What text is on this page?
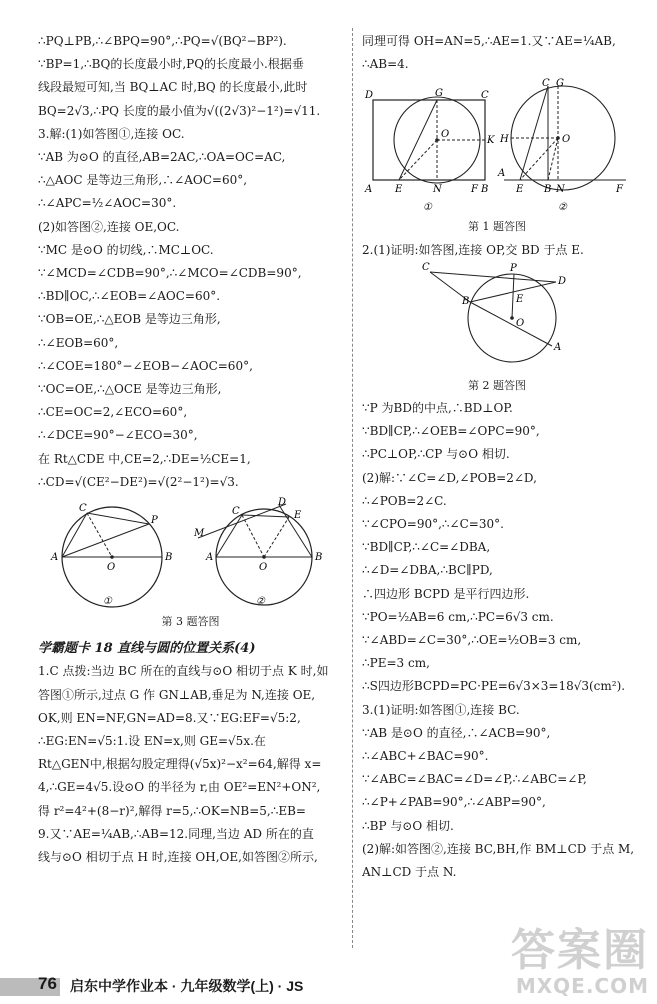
∴PQ⊥PB,∴∠BPQ=90°,∴PQ=√(BQ²−BP²).
∵BP=1,∴BQ的长度最小时,PQ的长度最小.根据垂
线段最短可知,当 BQ⊥AC 时,BQ 的长度最小,此时
BQ=2√3,∴PQ 长度的最小值为√((2√3)²−1²)=√11.
3.解:(1)如答图①,连接 OC.
∵AB 为⊙O 的直径,AB=2AC,∴OA=OC=AC,
∴△AOC 是等边三角形,∴∠AOC=60°,
∴∠APC=½∠AOC=30°.
(2)如答图②,连接 OE,OC.
∵MC 是⊙O 的切线,∴MC⊥OC.
∵∠MCD=∠CDB=90°,∴∠MCO=∠CDB=90°,
∴BD∥OC,∴∠EOB=∠AOC=60°.
∵OB=OE,∴△EOB 是等边三角形,
∴∠EOB=60°,
∴∠COE=180°−∠EOB−∠AOC=60°,
∵OC=OE,∴△OCE 是等边三角形,
∴CE=OC=2,∠ECO=60°,
∴∠DCE=90°−∠ECO=30°,
在 Rt△CDE 中,CE=2,∴DE=½CE=1,
∴CD=√(CE²−DE²)=√(2²−1²)=√3.
A	B
C
P
O
①
M
C
D
E
A	B
O
②
第 3 题答图
学霸题卡 18 直线与圆的位置关系(4)
1.C 点拨:当边 BC 所在的直线与⊙O 相切于点 K 时,如
答图①所示,过点 G 作 GN⊥AB,垂足为 N,连接 OE,
OK,则 EN=NF,GN=AD=8.又∵EG:EF=√5:2,
∴EG:EN=√5:1.设 EN=x,则 GE=√5x.在
Rt△GEN中,根据勾股定理得(√5x)²−x²=64,解得 x=
4,∴GE=4√5.设⊙O 的半径为 r,由 OE²=EN²+ON²,
得 r²=4²+(8−r)²,解得 r=5,∴OK=NB=5,∴EB=
9.又∵AE=¼AB,∴AB=12.同理,当边 AD 所在的直
线与⊙O 相切于点 H 时,连接 OH,OE,如答图②所示,
同理可得 OH=AN=5,∴AE=1.又∵AE=¼AB,
∴AB=4.
D	G	C
A E	N	F B
K
O
①
C G
H	O
A
E B N	F
②
第 1 题答图
2.(1)证明:如答图,连接 OP,交 BD 于点 E.
C	P
D
B	E
O
A
第 2 题答图
∵P 为BD的中点,∴BD⊥OP.
∵BD∥CP,∴∠OEB=∠OPC=90°,
∴PC⊥OP,∴CP 与⊙O 相切.
(2)解:∵∠C=∠D,∠POB=2∠D,
∴∠POB=2∠C.
∵∠CPO=90°,∴∠C=30°.
∵BD∥CP,∴∠C=∠DBA,
∴∠D=∠DBA,∴BC∥PD,
∴四边形 BCPD 是平行四边形.
∵PO=½AB=6 cm,∴PC=6√3 cm.
∵∠ABD=∠C=30°,∴OE=½OB=3 cm,
∴PE=3 cm,
∴S四边形BCPD=PC·PE=6√3×3=18√3(cm²).
3.(1)证明:如答图①,连接 BC.
∵AB 是⊙O 的直径,∴∠ACB=90°,
∴∠ABC+∠BAC=90°.
∵∠ABC=∠BAC=∠D=∠P,∴∠ABC=∠P,
∴∠P+∠PAB=90°,∴∠ABP=90°,
∴BP 与⊙O 相切.
(2)解:如答图②,连接 BC,BH,作 BM⊥CD 于点 M,
AN⊥CD 于点 N.
76 启东中学作业本 · 九年级数学(上) · JS
答案圈
MXQE.COM
